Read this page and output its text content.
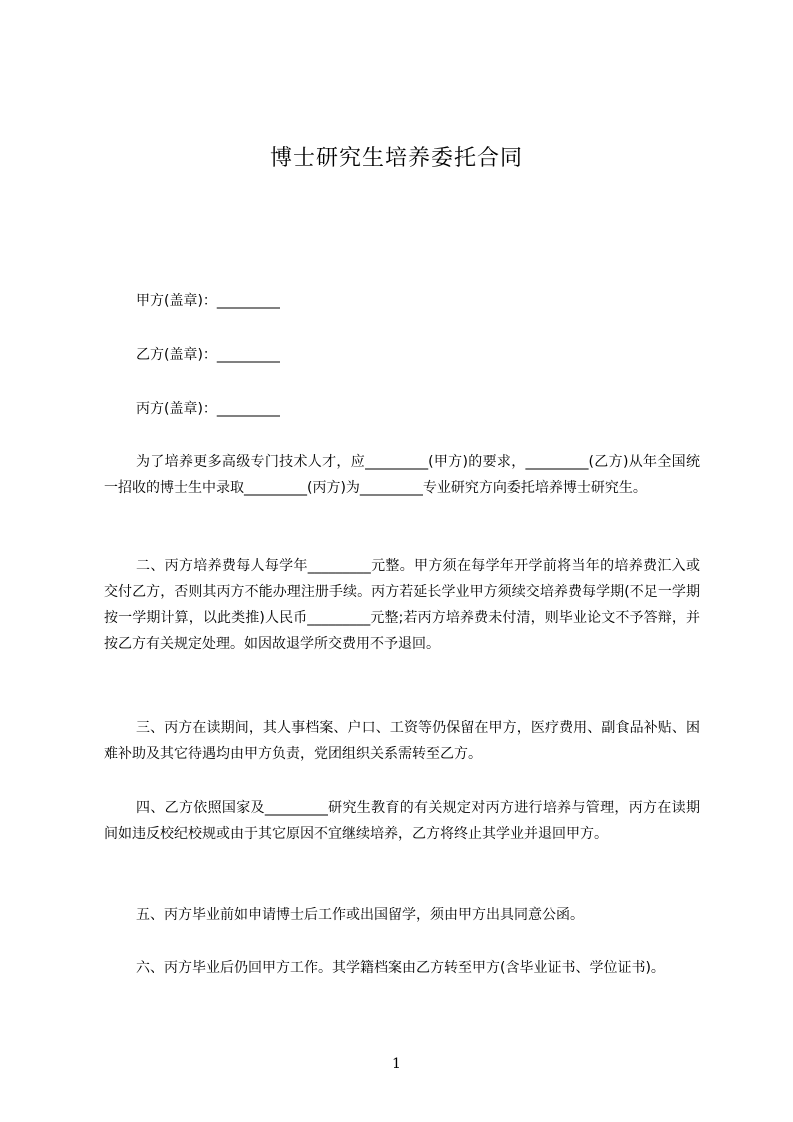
博士研究生培养委托合同
甲方(盖章)：_________
乙方(盖章)：_________
丙方(盖章)：_________

为了培养更多高级专门技术人才，应_________(甲方)的要求，_________(乙方)从年全国统一招收的博士生中录取_________(丙方)为_________专业研究方向委托培养博士研究生。

二、丙方培养费每人每学年_________元整。甲方须在每学年开学前将当年的培养费汇入或交付乙方，否则其丙方不能办理注册手续。丙方若延长学业甲方须续交培养费每学期(不足一学期按一学期计算，以此类推)人民币_________元整;若丙方培养费未付清，则毕业论文不予答辩，并按乙方有关规定处理。如因故退学所交费用不予退回。

三、丙方在读期间，其人事档案、户口、工资等仍保留在甲方，医疗费用、副食品补贴、困难补助及其它待遇均由甲方负责，党团组织关系需转至乙方。

四、乙方依照国家及_________研究生教育的有关规定对丙方进行培养与管理，丙方在读期间如违反校纪校规或由于其它原因不宜继续培养，乙方将终止其学业并退回甲方。

五、丙方毕业前如申请博士后工作或出国留学，须由甲方出具同意公函。

六、丙方毕业后仍回甲方工作。其学籍档案由乙方转至甲方(含毕业证书、学位证书)。

1
